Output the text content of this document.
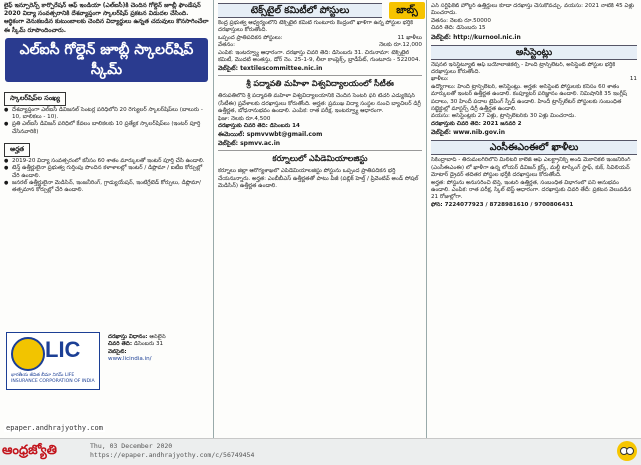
లైఫ్ ఇన్సూరెన్స్ కార్పొరేషన్ ఆఫ్ ఇండియా (ఎల్ఐసీ)కి చెందిన గోల్డెన్ జూబ్లీ ఫౌండేషన్ 2020 విద్యా సంవత్సరానికి దేశవ్యాప్తంగా స్కాలర్‌షిప్ ప్రకటన విడుదల చేసింది. ఆర్థికంగా వెనుకబడిన కుటుంబాలకు చెందిన విద్యార్థులు ఉన్నత చదువులు కొనసాగించేలా ఈ స్కీమ్ రూపొందించారు.
ఎల్ఐసీ గోల్డెన్ జూబ్లీ స్కాలర్‌షిప్ స్కీమ్
స్కాలర్‌షిప్‌ల సంఖ్య
● దేశవ్యాప్తంగా ఎల్ఐసీ డివిజనల్ సెంటర్ల పరిధిలోని 20 రెగ్యులర్ స్కాలర్‌షిప్‌లు (బాలురు - 10, బాలికలు - 10).
● ప్రతి ఎల్ఐసీ డివిజన్ పరిధిలో కేవలం బాలికలకు 10 ప్రత్యేక స్కాలర్‌షిప్‌లు (ఇంటర్ పూర్తి చేసినవారికి)
అర్హత
● 2019-20 విద్యా సంవత్సరంలో కనీసం 60 శాతం మార్కులతో ఇంటర్ పూర్తి చేసి ఉండాలి.
● టెన్త్ ఉత్తీర్ణులైనా ప్రభుత్వ గుర్తింపు పొందిన కళాశాలల్లో ఇంటర్ / డిప్లొమా / ఐటీఐ కోర్సుల్లో చేరి ఉండాలి.
● జనరల్ ఉత్తీర్ణులైనా మెడిసిన్, ఇంజనీరింగ్, గ్రాడ్యుయేషన్, ఇంటిగ్రేటెడ్ కోర్సులు, డిప్లొమా/తత్సమాన కోర్సుల్లో చేరి ఉండాలి.
LIC
భారతీయ జీవిత బీమా నిగమ్ LIFE INSURANCE CORPORATION OF INDIA
దరఖాస్తు విధానం: ఆన్‌లైన్
చివరి తేదీ: డిసెంబరు 31
వెబ్‌సైట్:
www.licindia.in/
జాబ్స్
టెక్స్‌టైల్ కమిటీలో పోస్టులు
కేంద్ర ప్రభుత్వ ఆధ్వర్యంలోని టెక్స్‌టైల్ కమిటీ గుంటూరు కేంద్రంలో ఖాళీగా ఉన్న పోస్టుల భర్తీకి దరఖాస్తులు కోరుతోంది.
ఒప్పంద ప్రాతిపదికన పోస్టులు:	11 ఖాళీలు
వేతనం:	నెలకు రూ.12,000
ఎంపిక: ఇంటర్వ్యూ ఆధారంగా. దరఖాస్తు చివరి తేదీ: డిసెంబరు 31. చిరునామా: టెక్స్‌టైల్ కమిటీ, మొదటి అంతస్తు, డోర్ నెం. 25-1-9, లీలా కాంప్లెక్స్, బ్రాడీపేట్, గుంటూరు - 522004.
వెబ్‌సైట్: textilescommittee.nic.in
శ్రీ పద్మావతి మహిళా విశ్వవిద్యాలయంలో సీటీఈ
తిరుపతిలోని శ్రీ పద్మావతి మహిళా విశ్వవిద్యాలయానికి చెందిన సెంటర్ ఫర్ టీచర్ ఎడ్యుకేషన్ (సీటీఈ) ప్రవేశాలకు దరఖాస్తులు కోరుతోంది. అర్హత: ప్రముఖ విద్యా సంస్థల నుంచి బ్యాచిలర్ డిగ్రీ ఉత్తీర్ణత, బోధనానుభవం ఉండాలి. ఎంపిక: రాత పరీక్ష, ఇంటర్వ్యూ ఆధారంగా.
ఫీజు: నెలకు రూ.4,500
దరఖాస్తుకు చివరి తేదీ: డిసెంబరు 14
ఈమెయిల్: spmvvwbt@gmail.com
వెబ్‌సైట్: spmvv.ac.in
కర్నూలులో ఎపిడెమియాలజిస్టు
కర్నూలు జిల్లా ఆరోగ్యశాఖలో ఎపిడెమియాలజిస్టు పోస్టును ఒప్పంద ప్రాతిపదికన భర్తీ చేయనున్నారు. అర్హత: ఎంబీబీఎస్ ఉత్తీర్ణతతో పాటు పీజీ (పబ్లిక్ హెల్త్ / ప్రివెంటివ్ అండ్ సోషల్ మెడిసిన్) ఉత్తీర్ణత ఉండాలి.
ఎన్ సర్టిఫికెట్ హోల్డర్ ఉత్తీర్ణులు కూడా దరఖాస్తు చేసుకోవచ్చు. వయసు: 2021 నాటికి 45 ఏళ్లు మించరాదు.
వేతనం: నెలకు రూ.50000
చివరి తేదీ: డిసెంబరు 15
వెబ్‌సైట్: http://kurnool.nic.in
అసిస్టెంట్లు
నేషనల్ ఇన్‌స్టిట్యూట్ ఆఫ్ బయోలాజికల్స్ - హిందీ ట్రాన్స్‌లేటర్, అసిస్టెంట్ పోస్టుల భర్తీకి దరఖాస్తులు కోరుతోంది.
ఖాళీలు:	11
ఉద్యోగాలు: హిందీ ట్రాన్స్‌లేటర్, అసిస్టెంట్లు. అర్హత: అసిస్టెంట్ పోస్టులకు కనీసం 60 శాతం మార్కులతో ఇంటర్ ఉత్తీర్ణత ఉండాలి. కంప్యూటర్ పరిజ్ఞానం ఉండాలి. నిమిషానికి 35 ఇంగ్లీష్ పదాలు, 30 హిందీ పదాల టైపింగ్ స్పీడ్ ఉండాలి. హిందీ ట్రాన్స్‌లేటర్ పోస్టులకు సంబంధిత సబ్జెక్టుల్లో మాస్టర్స్ డిగ్రీ ఉత్తీర్ణత ఉండాలి.
వయసు: అసిస్టెంట్లకు 27 ఏళ్లు, ట్రాన్స్‌లేటర్‌కు 30 ఏళ్లు మించరాదు.
దరఖాస్తుకు చివరి తేదీ: 2021 జనవరి 2
వెబ్‌సైట్: www.nib.gov.in
ఎంసీఈఎంఈలో ఖాళీలు
సికింద్రాబాద్ - తిరుమలగిరిలోని మిలిటరీ కాలేజ్ ఆఫ్ ఎలక్ట్రానిక్స్ అండ్ మెకానికల్ ఇంజనీరింగ్ (ఎంసీఈఎంఈ) లో ఖాళీగా ఉన్న లోయర్ డివిజన్ క్లర్క్, మల్టీ టాస్కింగ్ స్టాఫ్, కుక్, సివిలియన్ మోటార్ డ్రైవర్ తదితర పోస్టుల భర్తీకి దరఖాస్తులు కోరుతోంది.
అర్హత: పోస్టును అనుసరించి టెన్త్, ఇంటర్ ఉత్తీర్ణత, సంబంధిత విభాగంలో పని అనుభవం ఉండాలి. ఎంపిక: రాత పరీక్ష, స్కిల్ టెస్ట్ ఆధారంగా. దరఖాస్తుకు చివరి తేదీ: ప్రకటన వెలువడిన 21 రోజుల్లోగా.
ఫోన్: 7224077923 / 8728981610 / 9700806431
epaper.andhrajyothy.com
ఆంధ్రజ్యోతి	Thu, 03 December 2020
https://epaper.andhrajyothy.com/c/56749454
